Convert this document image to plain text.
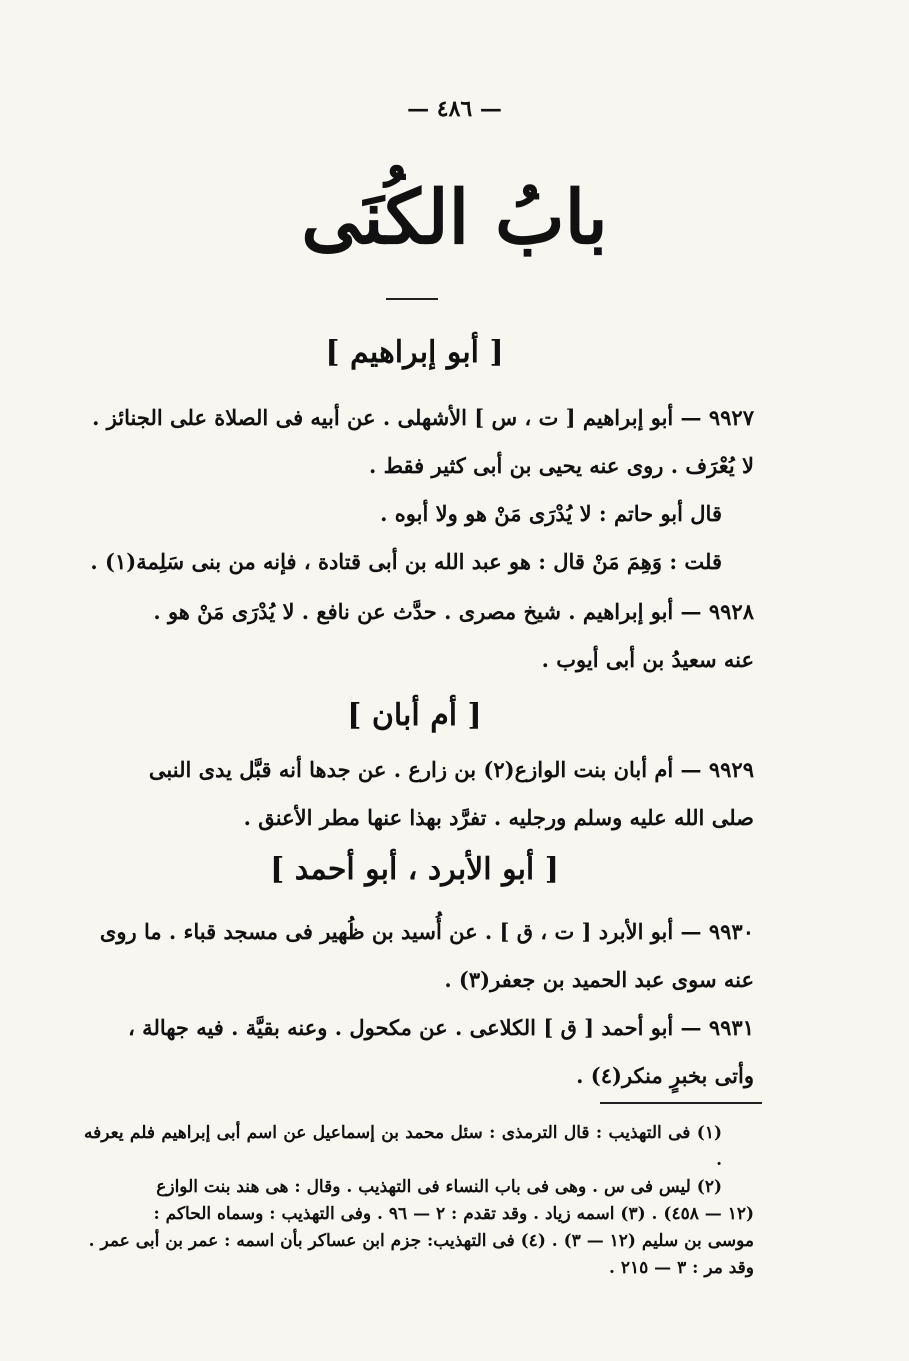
— ٤٨٦ —
بابُ الكُنَى
[ أبو إبراهيم ]

٩٩٢٧ — أبو إبراهيم [ ت ، س ] الأشهلى . عن أبيه فى الصلاة على الجنائز .

لا يُعْرَف . روى عنه يحيى بن أبى كثير فقط .

قال أبو حاتم : لا يُدْرَى مَنْ هو ولا أبوه .

قلت : وَهِمَ مَنْ قال : هو عبد الله بن أبى قتادة ، فإنه من بنى سَلِمة(١) .

٩٩٢٨ — أبو إبراهيم . شيخ مصرى . حدَّث عن نافع . لا يُدْرَى مَنْ هو .

عنه سعيدُ بن أبى أيوب .

[ أم أبان ]

٩٩٢٩ — أم أبان بنت الوازع(٢) بن زارع . عن جدها أنه قبَّل يدى النبى

صلى الله عليه وسلم ورجليه . تفرَّد بهذا عنها مطر الأعنق .

[ أبو الأبرد ، أبو أحمد ]

٩٩٣٠ — أبو الأبرد [ ت ، ق ] . عن أُسيد بن ظُهير فى مسجد قباء . ما روى

عنه سوى عبد الحميد بن جعفر(٣) .

٩٩٣١ — أبو أحمد [ ق ] الكلاعى . عن مكحول . وعنه بقيَّة . فيه جهالة ،

وأتى بخبرٍ منكر(٤) .

(١) فى التهذيب : قال الترمذى : سئل محمد بن إسماعيل عن اسم أبى إبراهيم فلم يعرفه .

(٢) ليس فى س . وهى فى باب النساء فى التهذيب . وقال : هى هند بنت الوازع

(١٢ — ٤٥٨) . (٣) اسمه زياد . وقد تقدم : ٢ — ٩٦ . وفى التهذيب : وسماه الحاكم :

موسى بن سليم (١٢ — ٣) . (٤) فى التهذيب: جزم ابن عساكر بأن اسمه : عمر بن أبى عمر .

وقد مر : ٣ — ٢١٥ .
